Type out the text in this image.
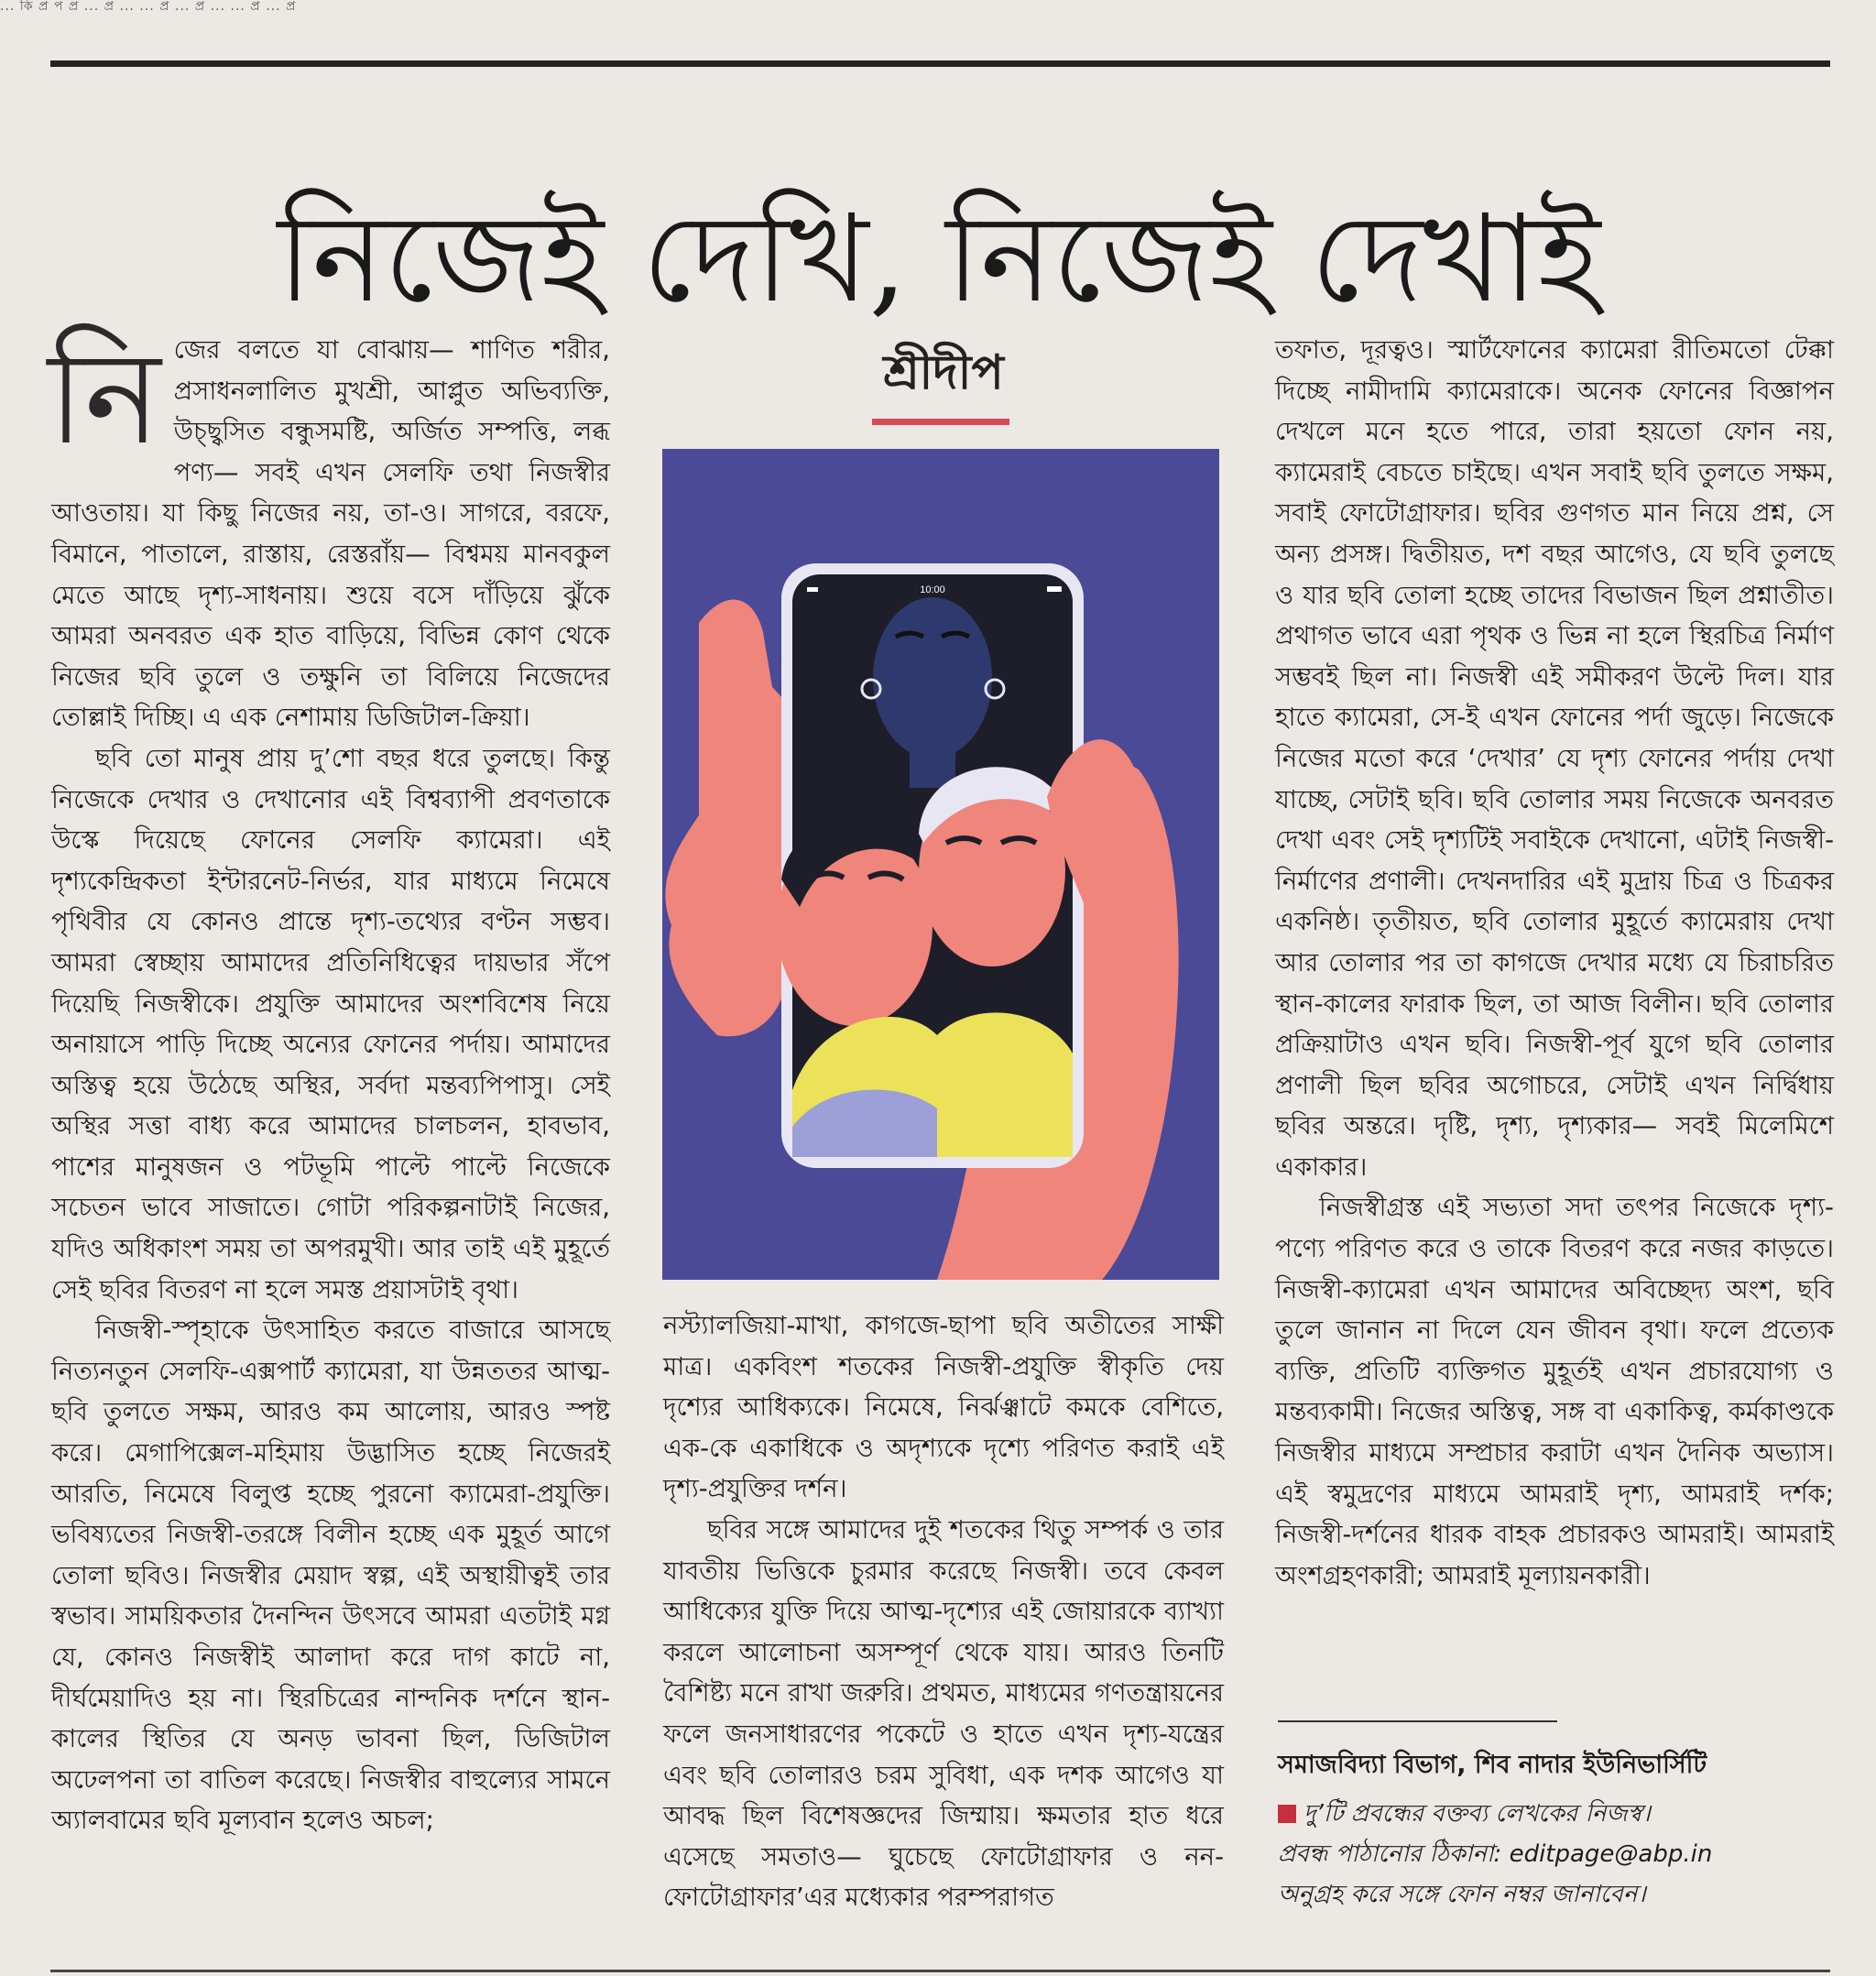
... কি প্র প প্র ... প্র ... ... প্র ... প্র ... ... প্র ... প্র
নিজেই দেখি, নিজেই দেখাই
নি জের বলতে যা বোঝায়— শাণিত শরীর, প্রসাধনলালিত মুখশ্রী, আপ্লুত অভিব্যক্তি, উচ্ছ্বসিত বন্ধুসমষ্টি, অর্জিত সম্পত্তি, লব্ধ পণ্য— সবই এখন সেলফি তথা নিজস্বীর আওতায়। যা কিছু নিজের নয়, তা-ও। সাগরে, বরফে, বিমানে, পাতালে, রাস্তায়, রেস্তরাঁয়— বিশ্বময় মানবকুল মেতে আছে দৃশ্য-সাধনায়। শুয়ে বসে দাঁড়িয়ে ঝুঁকে আমরা অনবরত এক হাত বাড়িয়ে, বিভিন্ন কোণ থেকে নিজের ছবি তুলে ও তক্ষুনি তা বিলিয়ে নিজেদের তোল্লাই দিচ্ছি। এ এক নেশামায় ডিজিটাল-ক্রিয়া।

ছবি তো মানুষ প্রায় দু’শো বছর ধরে তুলছে। কিন্তু নিজেকে দেখার ও দেখানোর এই বিশ্বব্যাপী প্রবণতাকে উস্কে দিয়েছে ফোনের সেলফি ক্যামেরা। এই দৃশ্যকেন্দ্রিকতা ইন্টারনেট-নির্ভর, যার মাধ্যমে নিমেষে পৃথিবীর যে কোনও প্রান্তে দৃশ্য-তথ্যের বণ্টন সম্ভব। আমরা স্বেচ্ছায় আমাদের প্রতিনিধিত্বের দায়ভার সঁপে দিয়েছি নিজস্বীকে। প্রযুক্তি আমাদের অংশবিশেষ নিয়ে অনায়াসে পাড়ি দিচ্ছে অন্যের ফোনের পর্দায়। আমাদের অস্তিত্ব হয়ে উঠেছে অস্থির, সর্বদা মন্তব্যপিপাসু। সেই অস্থির সত্তা বাধ্য করে আমাদের চালচলন, হাবভাব, পাশের মানুষজন ও পটভূমি পাল্টে পাল্টে নিজেকে সচেতন ভাবে সাজাতে। গোটা পরিকল্পনাটাই নিজের, যদিও অধিকাংশ সময় তা অপরমুখী। আর তাই এই মুহূর্তে সেই ছবির বিতরণ না হলে সমস্ত প্রয়াসটাই বৃথা।

নিজস্বী-স্পৃহাকে উৎসাহিত করতে বাজারে আসছে নিত্যনতুন সেলফি-এক্সপার্ট ক্যামেরা, যা উন্নততর আত্ম-ছবি তুলতে সক্ষম, আরও কম আলোয়, আরও স্পষ্ট করে। মেগাপিক্সেল-মহিমায় উদ্ভাসিত হচ্ছে নিজেরই আরতি, নিমেষে বিলুপ্ত হচ্ছে পুরনো ক্যামেরা-প্রযুক্তি। ভবিষ্যতের নিজস্বী-তরঙ্গে বিলীন হচ্ছে এক মুহূর্ত আগে তোলা ছবিও। নিজস্বীর মেয়াদ স্বল্প, এই অস্থায়ীত্বই তার স্বভাব। সাময়িকতার দৈনন্দিন উৎসবে আমরা এতটাই মগ্ন যে, কোনও নিজস্বীই আলাদা করে দাগ কাটে না, দীর্ঘমেয়াদিও হয় না। স্থিরচিত্রের নান্দনিক দর্শনে স্থান-কালের স্থিতির যে অনড় ভাবনা ছিল, ডিজিটাল অঢেলপনা তা বাতিল করেছে। নিজস্বীর বাহুল্যের সামনে অ্যালবামের ছবি মূল্যবান হলেও অচল;

শ্রীদীপ
10:00

নস্ট্যালজিয়া-মাখা, কাগজে-ছাপা ছবি অতীতের সাক্ষী মাত্র। একবিংশ শতকের নিজস্বী-প্রযুক্তি স্বীকৃতি দেয় দৃশ্যের আধিক্যকে। নিমেষে, নির্ঝঞ্ঝাটে কমকে বেশিতে, এক-কে একাধিকে ও অদৃশ্যকে দৃশ্যে পরিণত করাই এই দৃশ্য-প্রযুক্তির দর্শন।

ছবির সঙ্গে আমাদের দুই শতকের থিতু সম্পর্ক ও তার যাবতীয় ভিত্তিকে চুরমার করেছে নিজস্বী। তবে কেবল আধিক্যের যুক্তি দিয়ে আত্ম-দৃশ্যের এই জোয়ারকে ব্যাখ্যা করলে আলোচনা অসম্পূর্ণ থেকে যায়। আরও তিনটি বৈশিষ্ট্য মনে রাখা জরুরি। প্রথমত, মাধ্যমের গণতন্ত্রায়নের ফলে জনসাধারণের পকেটে ও হাতে এখন দৃশ্য-যন্ত্রের এবং ছবি তোলারও চরম সুবিধা, এক দশক আগেও যা আবদ্ধ ছিল বিশেষজ্ঞদের জিম্মায়। ক্ষমতার হাত ধরে এসেছে সমতাও— ঘুচেছে ফোটোগ্রাফার ও নন-ফোটোগ্রাফার’এর মধ্যেকার পরম্পরাগত

তফাত, দূরত্বও। স্মার্টফোনের ক্যামেরা রীতিমতো টেক্কা দিচ্ছে নামীদামি ক্যামেরাকে। অনেক ফোনের বিজ্ঞাপন দেখলে মনে হতে পারে, তারা হয়তো ফোন নয়, ক্যামেরাই বেচতে চাইছে। এখন সবাই ছবি তুলতে সক্ষম, সবাই ফোটোগ্রাফার। ছবির গুণগত মান নিয়ে প্রশ্ন, সে অন্য প্রসঙ্গ। দ্বিতীয়ত, দশ বছর আগেও, যে ছবি তুলছে ও যার ছবি তোলা হচ্ছে তাদের বিভাজন ছিল প্রশ্নাতীত। প্রথাগত ভাবে এরা পৃথক ও ভিন্ন না হলে স্থিরচিত্র নির্মাণ সম্ভবই ছিল না। নিজস্বী এই সমীকরণ উল্টে দিল। যার হাতে ক্যামেরা, সে-ই এখন ফোনের পর্দা জুড়ে। নিজেকে নিজের মতো করে ‘দেখার’ যে দৃশ্য ফোনের পর্দায় দেখা যাচ্ছে, সেটাই ছবি। ছবি তোলার সময় নিজেকে অনবরত দেখা এবং সেই দৃশ্যটিই সবাইকে দেখানো, এটাই নিজস্বী-নির্মাণের প্রণালী। দেখনদারির এই মুদ্রায় চিত্র ও চিত্রকর একনিষ্ঠ। তৃতীয়ত, ছবি তোলার মুহূর্তে ক্যামেরায় দেখা আর তোলার পর তা কাগজে দেখার মধ্যে যে চিরাচরিত স্থান-কালের ফারাক ছিল, তা আজ বিলীন। ছবি তোলার প্রক্রিয়াটাও এখন ছবি। নিজস্বী-পূর্ব যুগে ছবি তোলার প্রণালী ছিল ছবির অগোচরে, সেটাই এখন নির্দ্বিধায় ছবির অন্তরে। দৃষ্টি, দৃশ্য, দৃশ্যকার— সবই মিলেমিশে একাকার।

নিজস্বীগ্রস্ত এই সভ্যতা সদা তৎপর নিজেকে দৃশ্য-পণ্যে পরিণত করে ও তাকে বিতরণ করে নজর কাড়তে। নিজস্বী-ক্যামেরা এখন আমাদের অবিচ্ছেদ্য অংশ, ছবি তুলে জানান না দিলে যেন জীবন বৃথা। ফলে প্রত্যেক ব্যক্তি, প্রতিটি ব্যক্তিগত মুহূর্তই এখন প্রচারযোগ্য ও মন্তব্যকামী। নিজের অস্তিত্ব, সঙ্গ বা একাকিত্ব, কর্মকাণ্ডকে নিজস্বীর মাধ্যমে সম্প্রচার করাটা এখন দৈনিক অভ্যাস। এই স্বমুদ্রণের মাধ্যমে আমরাই দৃশ্য, আমরাই দর্শক; নিজস্বী-দর্শনের ধারক বাহক প্রচারকও আমরাই। আমরাই অংশগ্রহণকারী; আমরাই মূল্যায়নকারী।

সমাজবিদ্যা বিভাগ, শিব নাদার ইউনিভার্সিটি
দু’টি প্রবন্ধের বক্তব্য লেখকের নিজস্ব।
প্রবন্ধ পাঠানোর ঠিকানা: editpage@abp.in
অনুগ্রহ করে সঙ্গে ফোন নম্বর জানাবেন।
